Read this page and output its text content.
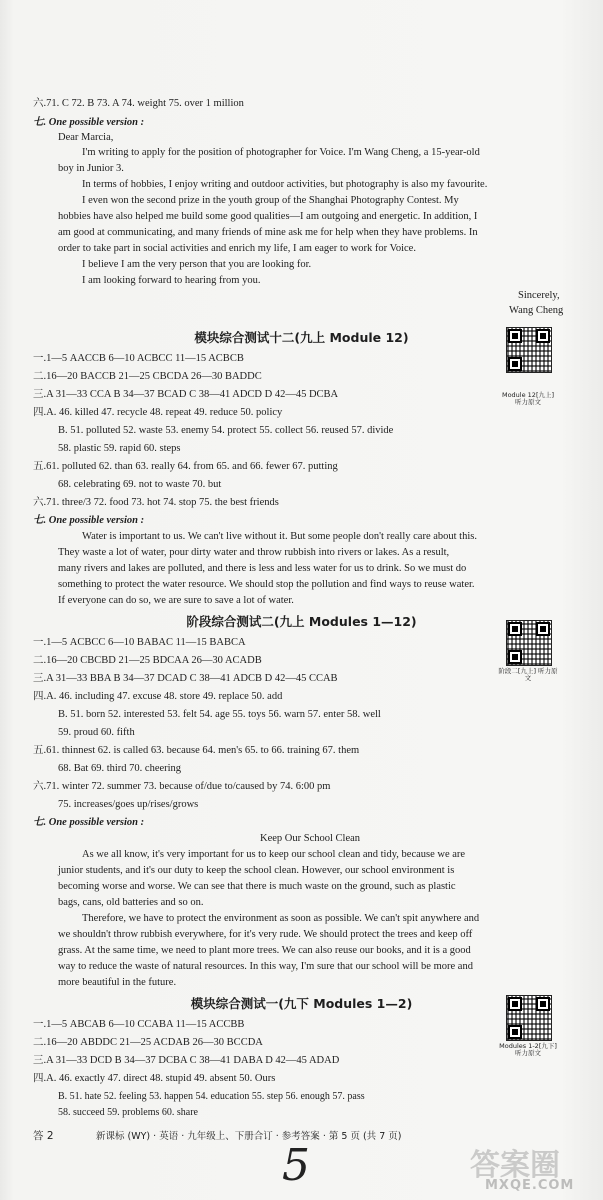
六.71. C 72. B 73. A 74. weight 75. over 1 million
七. One possible version :
Dear Marcia,
I'm writing to apply for the position of photographer for Voice. I'm Wang Cheng, a 15-year-old
boy in Junior 3.
In terms of hobbies, I enjoy writing and outdoor activities, but photography is also my favourite.
I even won the second prize in the youth group of the Shanghai Photography Contest. My
hobbies have also helped me build some good qualities—I am outgoing and energetic. In addition, I
am good at communicating, and many friends of mine ask me for help when they have problems. In
order to take part in social activities and enrich my life, I am eager to work for Voice.
I believe I am the very person that you are looking for.
I am looking forward to hearing from you.
Sincerely,
Wang Cheng
模块综合测试十二(九上 Module 12)
Module 12[九上] 听力原文
一.1—5 AACCB 6—10 ACBCC 11—15 ACBCB
二.16—20 BACCB 21—25 CBCDA 26—30 BADDC
三.A 31—33 CCA B 34—37 BCAD C 38—41 ADCD D 42—45 DCBA
四.A. 46. killed 47. recycle 48. repeat 49. reduce 50. policy
B. 51. polluted 52. waste 53. enemy 54. protect 55. collect 56. reused 57. divide
58. plastic 59. rapid 60. steps
五.61. polluted 62. than 63. really 64. from 65. and 66. fewer 67. putting
68. celebrating 69. not to waste 70. but
六.71. three/3 72. food 73. hot 74. stop 75. the best friends
七. One possible version :
Water is important to us. We can't live without it. But some people don't really care about this.
They waste a lot of water, pour dirty water and throw rubbish into rivers or lakes. As a result,
many rivers and lakes are polluted, and there is less and less water for us to drink. So we must do
something to protect the water resource. We should stop the pollution and find ways to reuse water.
If everyone can do so, we are sure to save a lot of water.
阶段综合测试二(九上 Modules 1—12)
阶段二[九上] 听力原文
一.1—5 ACBCC 6—10 BABAC 11—15 BABCA
二.16—20 CBCBD 21—25 BDCAA 26—30 ACADB
三.A 31—33 BBA B 34—37 DCAD C 38—41 ADCB D 42—45 CCAB
四.A. 46. including 47. excuse 48. store 49. replace 50. add
B. 51. born 52. interested 53. felt 54. age 55. toys 56. warn 57. enter 58. well
59. proud 60. fifth
五.61. thinnest 62. is called 63. because 64. men's 65. to 66. training 67. them
68. Bat 69. third 70. cheering
六.71. winter 72. summer 73. because of/due to/caused by 74. 6:00 pm
75. increases/goes up/rises/grows
七. One possible version :
Keep Our School Clean
As we all know, it's very important for us to keep our school clean and tidy, because we are
junior students, and it's our duty to keep the school clean. However, our school environment is
becoming worse and worse. We can see that there is much waste on the ground, such as plastic
bags, cans, old batteries and so on.
Therefore, we have to protect the environment as soon as possible. We can't spit anywhere and
we shouldn't throw rubbish everywhere, for it's very rude. We should protect the trees and keep off
grass. At the same time, we need to plant more trees. We can also reuse our books, and it is a good
way to reduce the waste of natural resources. In this way, I'm sure that our school will be more and
more beautiful in the future.
模块综合测试一(九下 Modules 1—2)
Modules 1-2[九下] 听力原文
一.1—5 ABCAB 6—10 CCABA 11—15 ACCBB
二.16—20 ABDDC 21—25 ACDAB 26—30 BCCDA
三.A 31—33 DCD B 34—37 DCBA C 38—41 DABA D 42—45 ADAD
四.A. 46. exactly 47. direct 48. stupid 49. absent 50. Ours
B. 51. hate 52. feeling 53. happen 54. education 55. step 56. enough 57. pass
58. succeed 59. problems 60. share
答 2	新课标 (WY) · 英语 · 九年级上、下册合订 · 参考答案 · 第 5 页 (共 7 页)
5	答案圈
MXQE.COM
